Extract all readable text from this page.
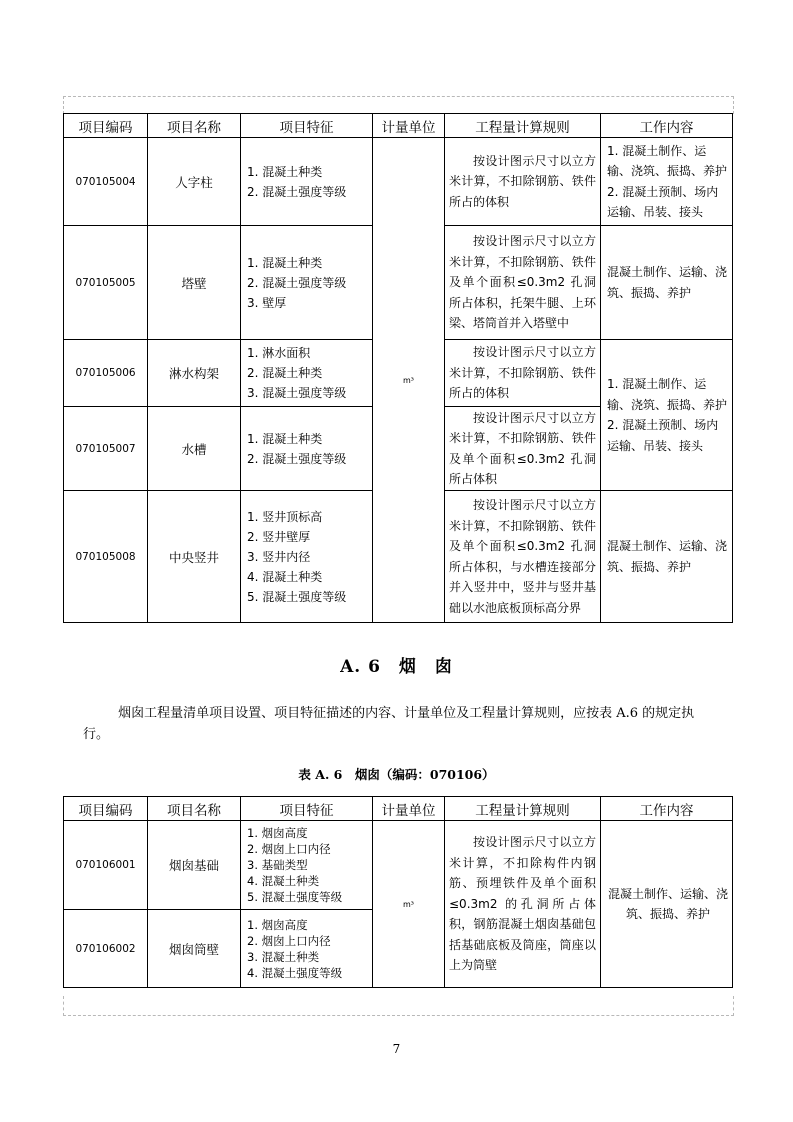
项目编码	项目名称	项目特征	计量单位	工程量计算规则	工作内容
070105004	人字柱	1. 混凝土种类
2. 混凝土强度等级	m³	按设计图示尺寸以立方米计算，不扣除钢筋、铁件所占的体积	1. 混凝土制作、运输、浇筑、振捣、养护 2. 混凝土预制、场内运输、吊装、接头
070105005	塔壁	1. 混凝土种类
2. 混凝土强度等级
3. 壁厚		按设计图示尺寸以立方米计算，不扣除钢筋、铁件及单个面积≤0.3m2 孔洞所占体积，托架牛腿、上环梁、塔筒首并入塔壁中	混凝土制作、运输、浇筑、振捣、养护
070105006	淋水构架	1. 淋水面积
2. 混凝土种类
3. 混凝土强度等级		按设计图示尺寸以立方米计算，不扣除钢筋、铁件所占的体积	1. 混凝土制作、运输、浇筑、振捣、养护 2. 混凝土预制、场内运输、吊装、接头
070105007	水槽	1. 混凝土种类
2. 混凝土强度等级		按设计图示尺寸以立方米计算，不扣除钢筋、铁件及单个面积≤0.3m2 孔洞所占体积	
070105008	中央竖井	1. 竖井顶标高
2. 竖井壁厚
3. 竖井内径
4. 混凝土种类
5. 混凝土强度等级		按设计图示尺寸以立方米计算，不扣除钢筋、铁件及单个面积≤0.3m2 孔洞所占体积，与水槽连接部分并入竖井中，竖井与竖井基础以水池底板顶标高分界	混凝土制作、运输、浇筑、振捣、养护
A. 6　烟　囱
烟囱工程量清单项目设置、项目特征描述的内容、计量单位及工程量计算规则，应按表 A.6 的规定执行。
表 A. 6　烟囱（编码：070106）
项目编码	项目名称	项目特征	计量单位	工程量计算规则	工作内容
070106001	烟囱基础	1. 烟囱高度
2. 烟囱上口内径
3. 基础类型
4. 混凝土种类
5. 混凝土强度等级	m³	按设计图示尺寸以立方米计算，不扣除构件内钢筋、预埋铁件及单个面积≤0.3m2 的孔洞所占体积，钢筋混凝土烟囱基础包括基础底板及筒座，筒座以上为筒壁	混凝土制作、运输、浇筑、振捣、养护
070106002	烟囱筒壁	1. 烟囱高度
2. 烟囱上口内径
3. 混凝土种类
4. 混凝土强度等级			
7
